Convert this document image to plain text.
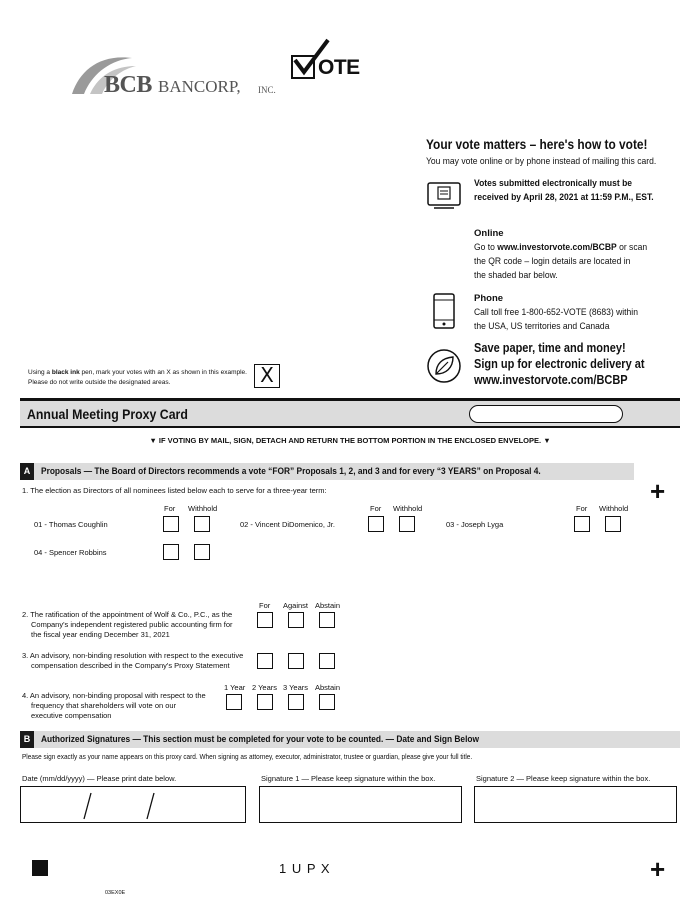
BCB BANCORP, INC.
OTE
Your vote matters – here's how to vote!
You may vote online or by phone instead of mailing this card.
Votes submitted electronically must be
received by April 28, 2021 at 11:59 P.M., EST.
Online
Go to www.investorvote.com/BCBP or scan
the QR code – login details are located in
the shaded bar below.
Phone
Call toll free 1-800-652-VOTE (8683) within
the USA, US territories and Canada
Save paper, time and money!
Sign up for electronic delivery at
www.investorvote.com/BCBP
Using a black ink pen, mark your votes with an X as shown in this example.
Please do not write outside the designated areas.	X
Annual Meeting Proxy Card
▼ IF VOTING BY MAIL, SIGN, DETACH AND RETURN THE BOTTOM PORTION IN THE ENCLOSED ENVELOPE. ▼
A	Proposals — The Board of Directors recommends a vote “FOR” Proposals 1, 2, and 3 and for every “3 YEARS” on Proposal 4.
+
1. The election as Directors of all nominees listed below each to serve for a three-year term:
For Withhold	For Withhold	For Withhold
01 - Thomas Coughlin	02 - Vincent DiDomenico, Jr.	03 - Joseph Lyga
04 - Spencer Robbins
For Against Abstain
2. The ratification of the appointment of Wolf & Co., P.C., as the
Company's independent registered public accounting firm for
the fiscal year ending December 31, 2021
3. An advisory, non-binding resolution with respect to the executive
compensation described in the Company's Proxy Statement
1 Year 2 Years 3 Years Abstain
4. An advisory, non-binding proposal with respect to the
frequency that shareholders will vote on our
executive compensation
B	Authorized Signatures — This section must be completed for your vote to be counted. — Date and Sign Below
Please sign exactly as your name appears on this proxy card. When signing as attorney, executor, administrator, trustee or guardian, please give your full title.
Date (mm/dd/yyyy) — Please print date below.	Signature 1 — Please keep signature within the box.	Signature 2 — Please keep signature within the box.
1 U P X	+
03EX0E
